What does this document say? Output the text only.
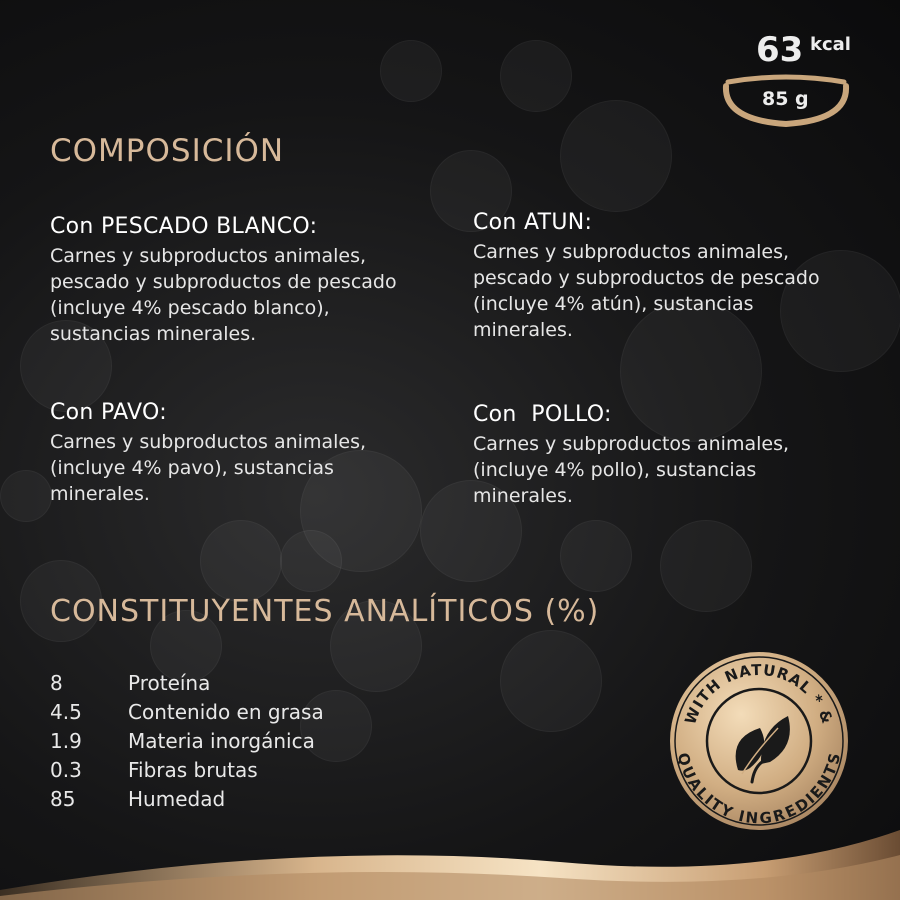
63 kcal
85 g
COMPOSICIÓN

Con PESCADO BLANCO:

Carnes y subproductos animales, pescado y subproductos de pescado (incluye 4% pescado blanco), sustancias minerales.

Con ATUN:

Carnes y subproductos animales, pescado y subproductos de pescado (incluye 4% atún), sustancias minerales.

Con PAVO:

Carnes y subproductos animales, (incluye 4% pavo), sustancias minerales.

Con  POLLO:

Carnes y subproductos animales, (incluye 4% pollo), sustancias minerales.

CONSTITUYENTES ANALÍTICOS (%)
8	Proteína
4.5	Contenido en grasa
1.9	Materia inorgánica
0.3	Fibras brutas
85	Humedad
WITH NATURAL * &
QUALITY INGREDIENTS
